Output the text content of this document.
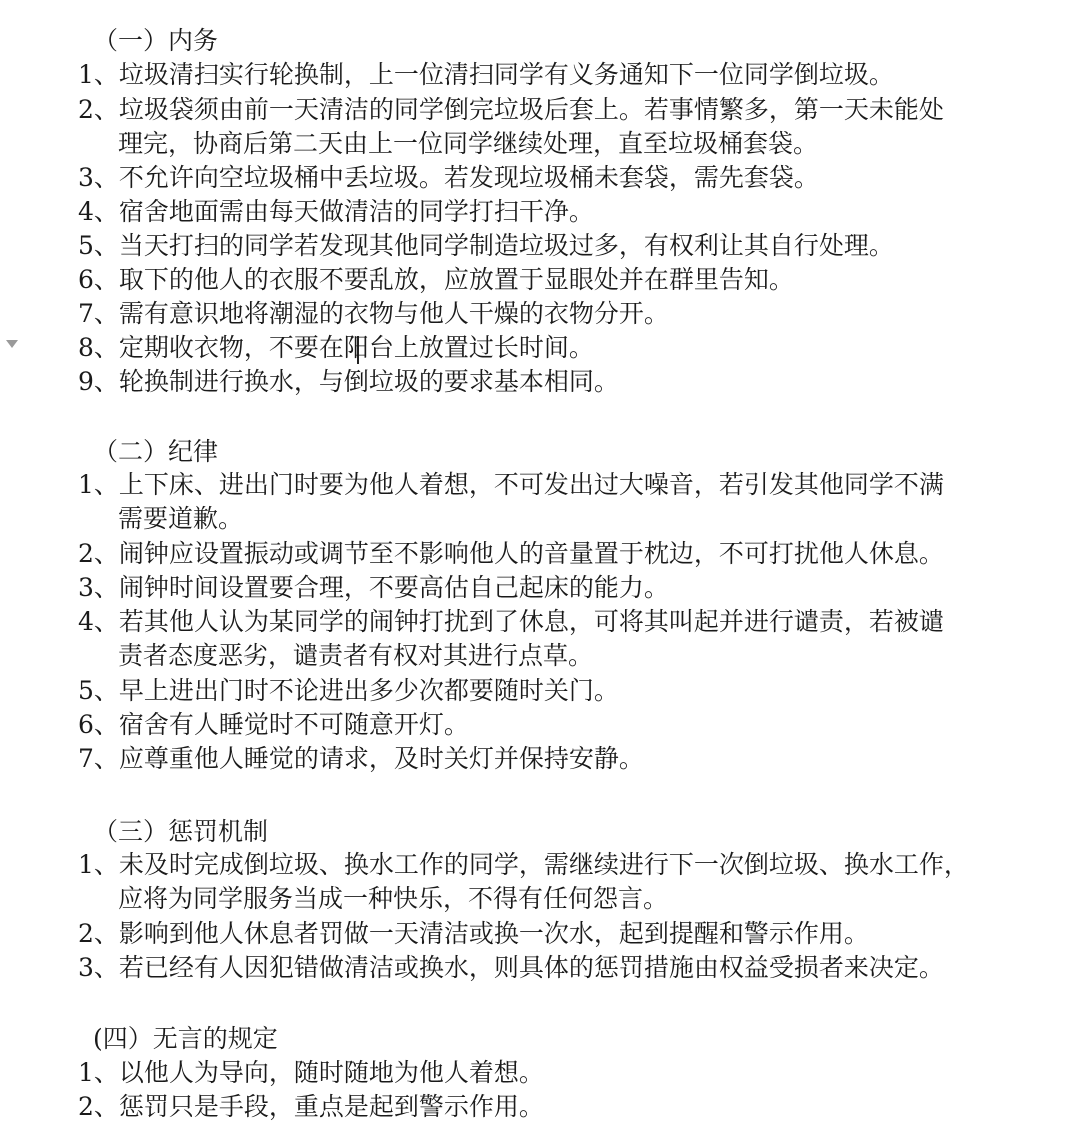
（一）内务
1、垃圾清扫实行轮换制，上一位清扫同学有义务通知下一位同学倒垃圾。
2、垃圾袋须由前一天清洁的同学倒完垃圾后套上。若事情繁多，第一天未能处
理完，协商后第二天由上一位同学继续处理，直至垃圾桶套袋。
3、不允许向空垃圾桶中丢垃圾。若发现垃圾桶未套袋，需先套袋。
4、宿舍地面需由每天做清洁的同学打扫干净。
5、当天打扫的同学若发现其他同学制造垃圾过多，有权利让其自行处理。
6、取下的他人的衣服不要乱放，应放置于显眼处并在群里告知。
7、需有意识地将潮湿的衣物与他人干燥的衣物分开。
8、定期收衣物，不要在阳台上放置过长时间。
9、轮换制进行换水，与倒垃圾的要求基本相同。
（二）纪律
1、上下床、进出门时要为他人着想，不可发出过大噪音，若引发其他同学不满
需要道歉。
2、闹钟应设置振动或调节至不影响他人的音量置于枕边，不可打扰他人休息。
3、闹钟时间设置要合理，不要高估自己起床的能力。
4、若其他人认为某同学的闹钟打扰到了休息，可将其叫起并进行谴责，若被谴
责者态度恶劣，谴责者有权对其进行点草。
5、早上进出门时不论进出多少次都要随时关门。
6、宿舍有人睡觉时不可随意开灯。
7、应尊重他人睡觉的请求，及时关灯并保持安静。
（三）惩罚机制
1、未及时完成倒垃圾、换水工作的同学，需继续进行下一次倒垃圾、换水工作，
应将为同学服务当成一种快乐，不得有任何怨言。
2、影响到他人休息者罚做一天清洁或换一次水，起到提醒和警示作用。
3、若已经有人因犯错做清洁或换水，则具体的惩罚措施由权益受损者来决定。
(四）无言的规定
1、以他人为导向，随时随地为他人着想。
2、惩罚只是手段，重点是起到警示作用。
